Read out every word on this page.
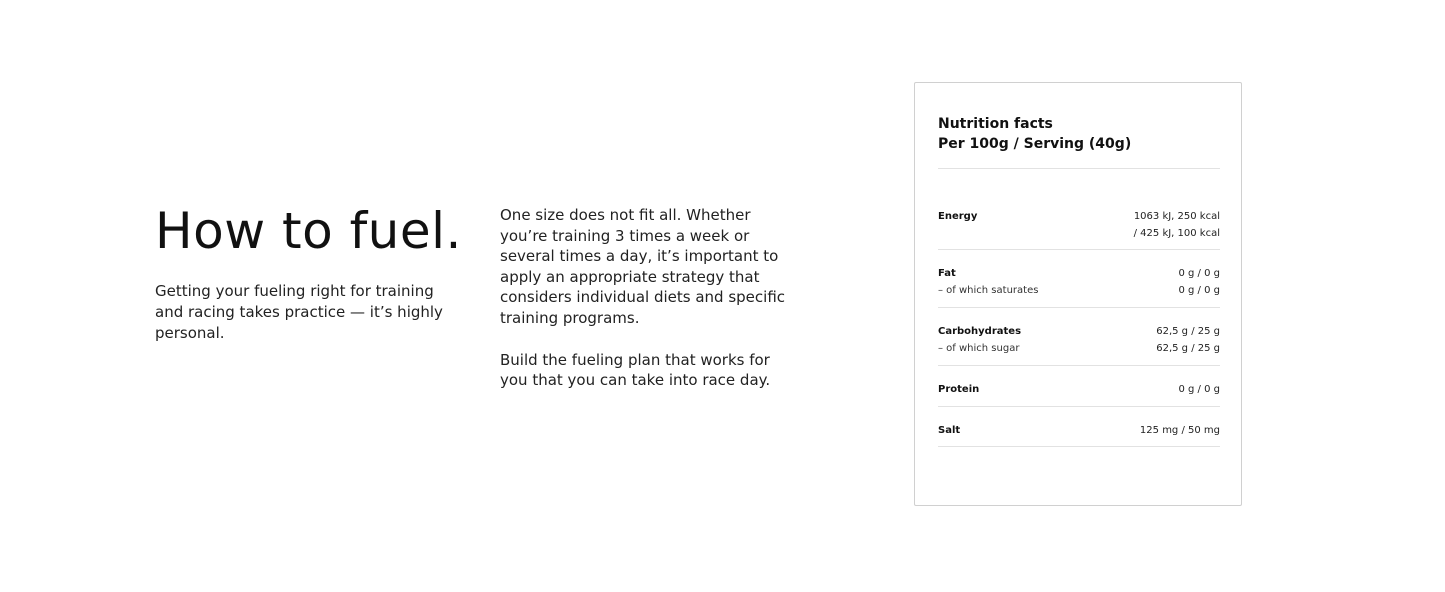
How to fuel.

Getting your fueling right for training and racing takes practice — it’s highly personal.

One size does not fit all. Whether you’re training 3 times a week or several times a day, it’s important to apply an appropriate strategy that considers individual diets and specific training programs.

Build the fueling plan that works for you that you can take into race day.

Nutrition facts
Per 100g / Serving (40g)
Energy	1063 kJ, 250 kcal
/ 425 kJ, 100 kcal
Fat	0 g / 0 g
– of which saturates	0 g / 0 g
Carbohydrates	62,5 g / 25 g
– of which sugar	62,5 g / 25 g
Protein	0 g / 0 g
Salt	125 mg / 50 mg
